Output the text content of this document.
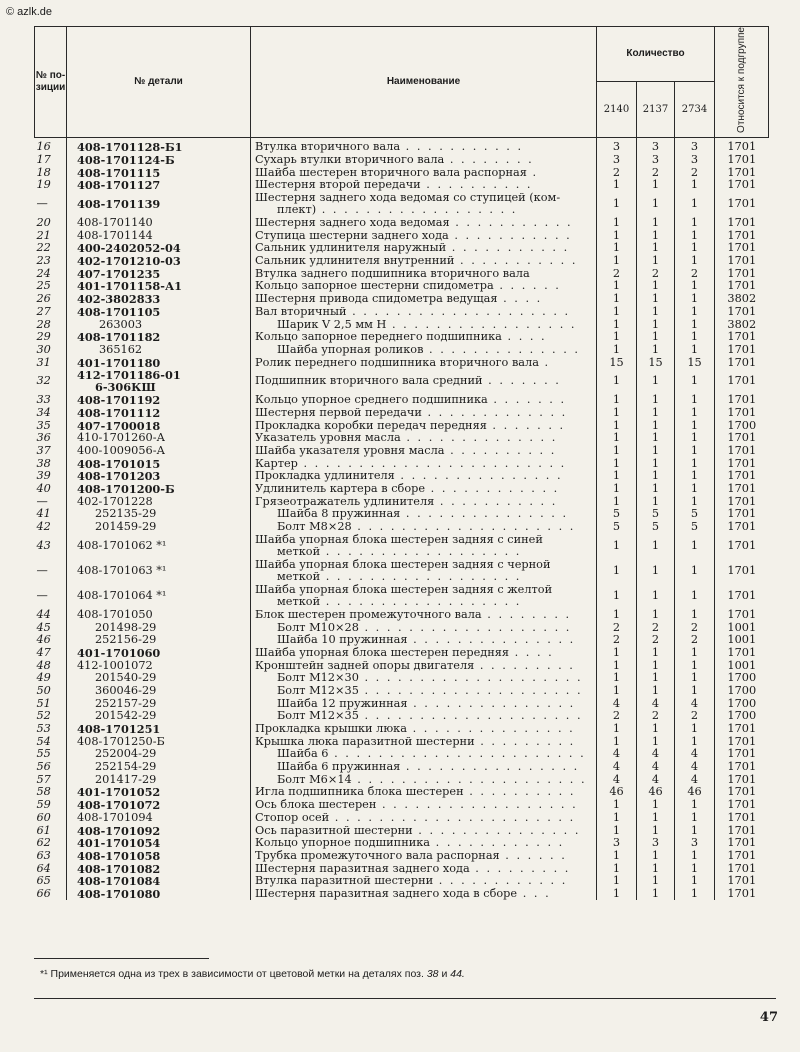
© azlk.de
№ по-зиции	№ детали	Наименование	Количество			Относится к подгруппе
			2140	2137	2734	
16	408-1701128-Б1	Втулка вторичного вала . . . . . . . . . . .	3	3	3	1701
17	408-1701124-Б	Сухарь втулки вторичного вала . . . . . . . .	3	3	3	1701
18	408-1701115	Шайба шестерен вторичного вала распорная .	2	2	2	1701
19	408-1701127	Шестерня второй передачи . . . . . . . . . .	1	1	1	1701
—	408-1701139	Шестерня заднего хода ведомая со ступицей (ком-
плект) . . . . . . . . . . . . . . . . . .	1	1	1	1701
20	408-1701140	Шестерня заднего хода ведомая . . . . . . . . . . .	1	1	1	1701
21	408-1701144	Ступица шестерни заднего хода . . . . . . . . . . .	1	1	1	1701
22	400-2402052-04	Сальник удлинителя наружный . . . . . . . . . . .	1	1	1	1701
23	402-1701210-03	Сальник удлинителя внутренний . . . . . . . . . . .	1	1	1	1701
24	407-1701235	Втулка заднего подшипника вторичного вала	2	2	2	1701
25	401-1701158-А1	Кольцо запорное шестерни спидометра . . . . . .	1	1	1	1701
26	402-3802833	Шестерня привода спидометра ведущая . . . .	1	1	1	3802
27	408-1701105	Вал вторичный . . . . . . . . . . . . . . . . . . . .	1	1	1	1701
28	263003	Шарик V 2,5 мм Н . . . . . . . . . . . . . . . . .	1	1	1	3802
29	408-1701182	Кольцо запорное переднего подшипника . . . .	1	1	1	1701
30	365162	Шайба упорная роликов . . . . . . . . . . . . . .	1	1	1	1701
31	401-1701180	Ролик переднего подшипника вторичного вала .	15	15	15	1701
32	412-1701186-01
6-306КШ	Подшипник вторичного вала средний . . . . . . .	1	1	1	1701
33	408-1701192	Кольцо упорное среднего подшипника . . . . . . .	1	1	1	1701
34	408-1701112	Шестерня первой передачи . . . . . . . . . . . . .	1	1	1	1701
35	407-1700018	Прокладка коробки передач передняя . . . . . . .	1	1	1	1700
36	410-1701260-А	Указатель уровня масла . . . . . . . . . . . . . .	1	1	1	1701
37	400-1009056-А	Шайба указателя уровня масла . . . . . . . . . .	1	1	1	1701
38	408-1701015	Картер . . . . . . . . . . . . . . . . . . . . . . . .	1	1	1	1701
39	408-1701203	Прокладка удлинителя . . . . . . . . . . . . . . .	1	1	1	1701
40	408-1701200-Б	Удлинитель картера в сборе . . . . . . . . . . . .	1	1	1	1701
—	402-1701228	Грязеотражатель удлинителя . . . . . . . . . . .	1	1	1	1701
41	252135-29	Шайба 8 пружинная . . . . . . . . . . . . . . .	5	5	5	1701
42	201459-29	Болт М8×28 . . . . . . . . . . . . . . . . . . . .	5	5	5	1701
43	408-1701062 *¹	Шайба упорная блока шестерен задняя с синей
меткой . . . . . . . . . . . . . . . . . .	1	1	1	1701
—	408-1701063 *¹	Шайба упорная блока шестерен задняя с черной
меткой . . . . . . . . . . . . . . . . . .	1	1	1	1701
—	408-1701064 *¹	Шайба упорная блока шестерен задняя с желтой
меткой . . . . . . . . . . . . . . . . . .	1	1	1	1701
44	408-1701050	Блок шестерен промежуточного вала . . . . . . . .	1	1	1	1701
45	201498-29	Болт М10×28 . . . . . . . . . . . . . . . . . . .	2	2	2	1001
46	252156-29	Шайба 10 пружинная . . . . . . . . . . . . . . .	2	2	2	1001
47	401-1701060	Шайба упорная блока шестерен передняя . . . .	1	1	1	1701
48	412-1001072	Кронштейн задней опоры двигателя . . . . . . . . .	1	1	1	1001
49	201540-29	Болт М12×30 . . . . . . . . . . . . . . . . . . . .	1	1	1	1700
50	360046-29	Болт М12×35 . . . . . . . . . . . . . . . . . . . .	1	1	1	1700
51	252157-29	Шайба 12 пружинная . . . . . . . . . . . . . . .	4	4	4	1700
52	201542-29	Болт М12×35 . . . . . . . . . . . . . . . . . . . .	2	2	2	1700
53	408-1701251	Прокладка крышки люка . . . . . . . . . . . . . . .	1	1	1	1701
54	408-1701250-Б	Крышка люка паразитной шестерни . . . . . . . . .	1	1	1	1701
55	252004-29	Шайба 6 . . . . . . . . . . . . . . . . . . . . . . .	4	4	4	1701
56	252154-29	Шайба 6 пружинная . . . . . . . . . . . . . . . .	4	4	4	1701
57	201417-29	Болт М6×14 . . . . . . . . . . . . . . . . . . . . .	4	4	4	1701
58	401-1701052	Игла подшипника блока шестерен . . . . . . . . . .	46	46	46	1701
59	408-1701072	Ось блока шестерен . . . . . . . . . . . . . . . . . .	1	1	1	1701
60	408-1701094	Стопор осей . . . . . . . . . . . . . . . . . . . . . .	1	1	1	1701
61	408-1701092	Ось паразитной шестерни . . . . . . . . . . . . . . .	1	1	1	1701
62	401-1701054	Кольцо упорное подшипника . . . . . . . . . . . .	3	3	3	1701
63	408-1701058	Трубка промежуточного вала распорная . . . . . .	1	1	1	1701
64	408-1701082	Шестерня паразитная заднего хода . . . . . . . . .	1	1	1	1701
65	408-1701084	Втулка паразитной шестерни . . . . . . . . . . . .	1	1	1	1701
66	408-1701080	Шестерня паразитная заднего хода в сборе . . .	1	1	1	1701
*¹ Применяется одна из трех в зависимости от цветовой метки на деталях поз. 38 и 44.
47
